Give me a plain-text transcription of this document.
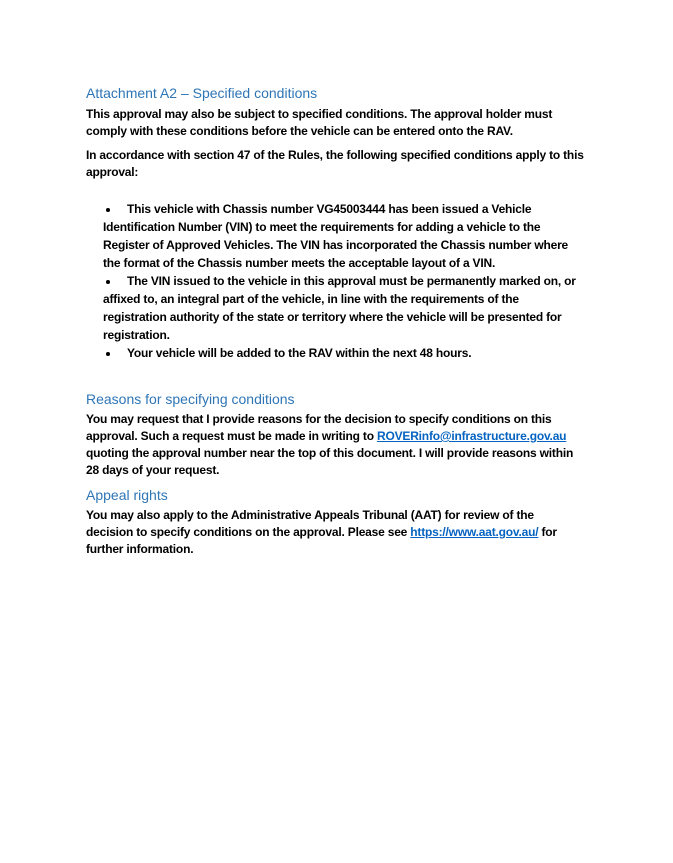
Attachment A2 – Specified conditions
This approval may also be subject to specified conditions. The approval holder must
comply with these conditions before the vehicle can be entered onto the RAV.
In accordance with section 47 of the Rules, the following specified conditions apply to this
approval:
This vehicle with Chassis number VG45003444 has been issued a Vehicle
Identification Number (VIN) to meet the requirements for adding a vehicle to the
Register of Approved Vehicles. The VIN has incorporated the Chassis number where
the format of the Chassis number meets the acceptable layout of a VIN.
The VIN issued to the vehicle in this approval must be permanently marked on, or
affixed to, an integral part of the vehicle, in line with the requirements of the
registration authority of the state or territory where the vehicle will be presented for
registration.
Your vehicle will be added to the RAV within the next 48 hours.
Reasons for specifying conditions
You may request that I provide reasons for the decision to specify conditions on this
approval. Such a request must be made in writing to ROVERinfo@infrastructure.gov.au
quoting the approval number near the top of this document. I will provide reasons within
28 days of your request.
Appeal rights
You may also apply to the Administrative Appeals Tribunal (AAT) for review of the
decision to specify conditions on the approval. Please see https://www.aat.gov.au/ for
further information.
